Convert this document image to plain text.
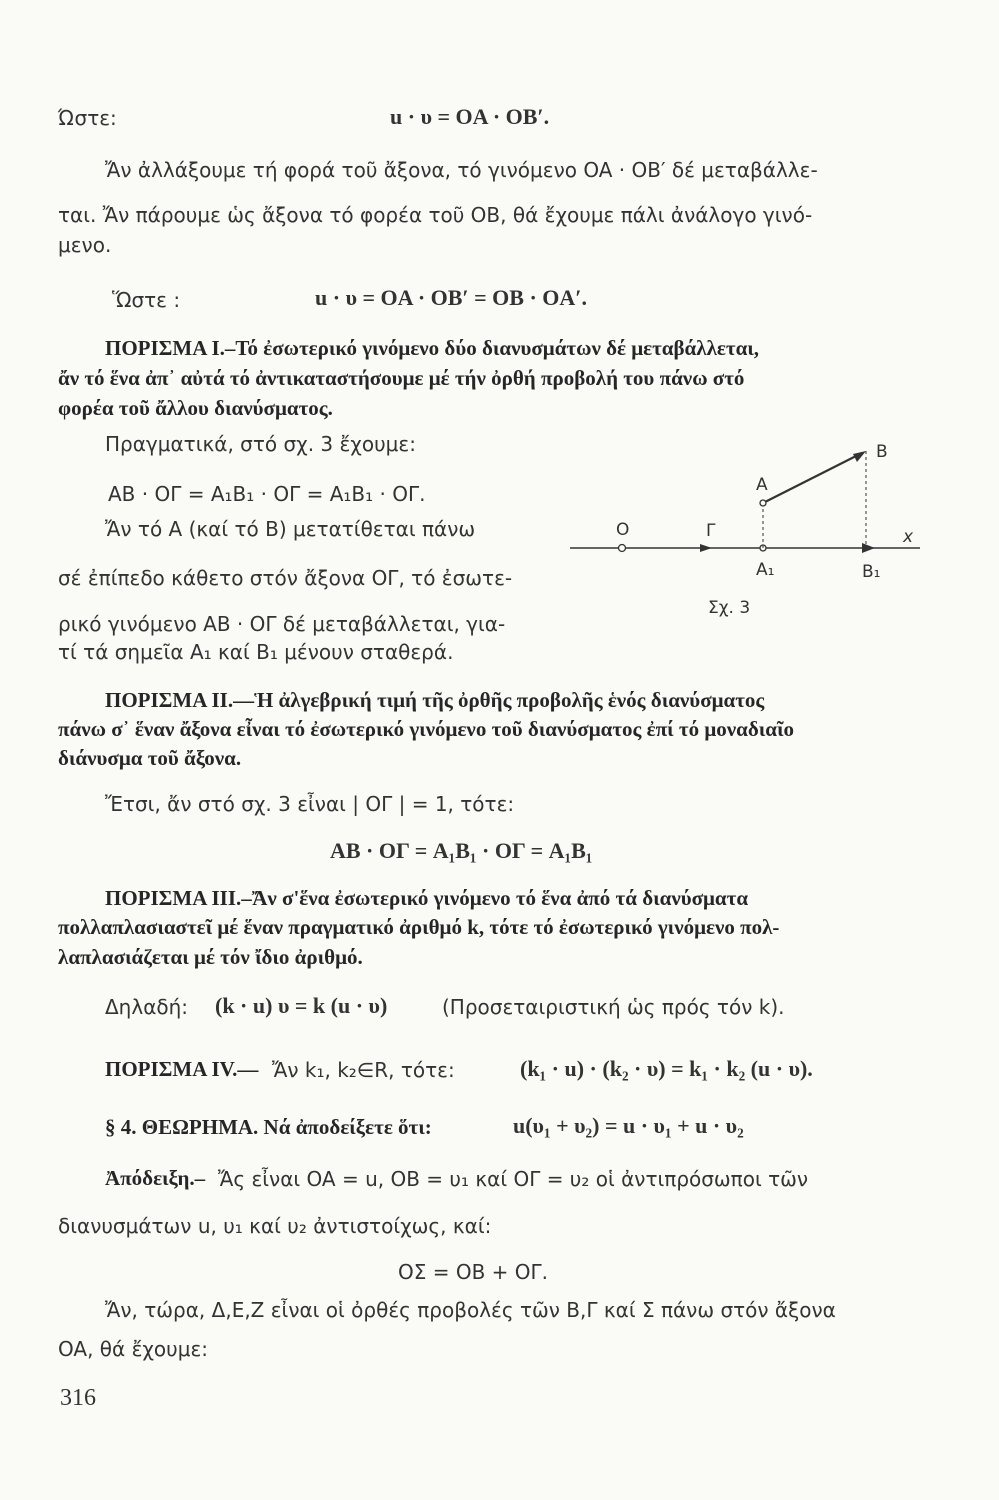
Ώστε:	u · υ = OA · OB′.
Ἄν ἀλλάξουμε τή φορά τοῦ ἄξονα, τό γινόμενο OA · OB′ δέ μεταβάλλε-
ται. Ἄν πάρουμε ὡς ἄξονα τό φορέα τοῦ OB, θά ἔχουμε πάλι ἀνάλογο γινό-
μενο.
Ὥστε :	u · υ = OA · OB′ = OB · OA′.
ΠΟΡΙΣΜΑ Ι.–Τό ἐσωτερικό γινόμενο δύο διανυσμάτων δέ μεταβάλλεται,
ἄν τό ἕνα ἀπ᾽ αὐτά τό ἀντικαταστήσουμε μέ τήν ὀρθή προβολή του πάνω στό
φορέα τοῦ ἄλλου διανύσματος.
Πραγματικά, στό σχ. 3 ἔχουμε:
AB · OΓ = A₁B₁ · OΓ = A₁B₁ · OΓ.
Ἄν τό Α (καί τό Β) μετατίθεται πάνω
σέ ἐπίπεδο κάθετο στόν ἄξονα OΓ, τό ἐσωτε-
ρικό γινόμενο AB · OΓ δέ μεταβάλλεται, για-
τί τά σημεῖα A₁ καί B₁ μένουν σταθερά.
O	Γ
A
B
A₁	B₁
x
Σχ. 3
ΠΟΡΙΣΜΑ ΙΙ.—Ἡ ἀλγεβρική τιμή τῆς ὀρθῆς προβολῆς ἑνός διανύσματος
πάνω σ᾽ ἕναν ἄξονα εἶναι τό ἐσωτερικό γινόμενο τοῦ διανύσματος ἐπί τό μοναδιαῖο
διάνυσμα τοῦ ἄξονα.
Ἔτσι, ἄν στό σχ. 3 εἶναι | OΓ | = 1, τότε:
AB · OΓ = A₁B₁ · OΓ = A₁B₁
ΠΟΡΙΣΜΑ ΙΙΙ.–Ἄν σ'ἕνα ἐσωτερικό γινόμενο τό ἕνα ἀπό τά διανύσματα
πολλαπλασιαστεῖ μέ ἕναν πραγματικό ἀριθμό k, τότε τό ἐσωτερικό γινόμενο πολ-
λαπλασιάζεται μέ τόν ἴδιο ἀριθμό.
Δηλαδή: (k · u) υ = k (u · υ)	(Προσεταιριστική ὡς πρός τόν k).
ΠΟΡΙΣΜΑ IV.— Ἄν k₁, k₂∈R, τότε:	(k₁ · u) · (k₂ · υ) = k₁ · k₂ (u · υ).
§ 4. ΘΕΩΡΗΜΑ. Νά ἀποδείξετε ὅτι:	u(υ₁ + υ₂) = u · υ₁ + u · υ₂
Ἀπόδειξη.– Ἄς εἶναι OA = u, OB = υ₁ καί OΓ = υ₂ οἱ ἀντιπρόσωποι τῶν
διανυσμάτων u, υ₁ καί υ₂ ἀντιστοίχως, καί:
OΣ = OB + OΓ.
Ἄν, τώρα, Δ,Ε,Ζ εἶναι οἱ ὀρθές προβολές τῶν Β,Γ καί Σ πάνω στόν ἄξονα
OA, θά ἔχουμε:
316
